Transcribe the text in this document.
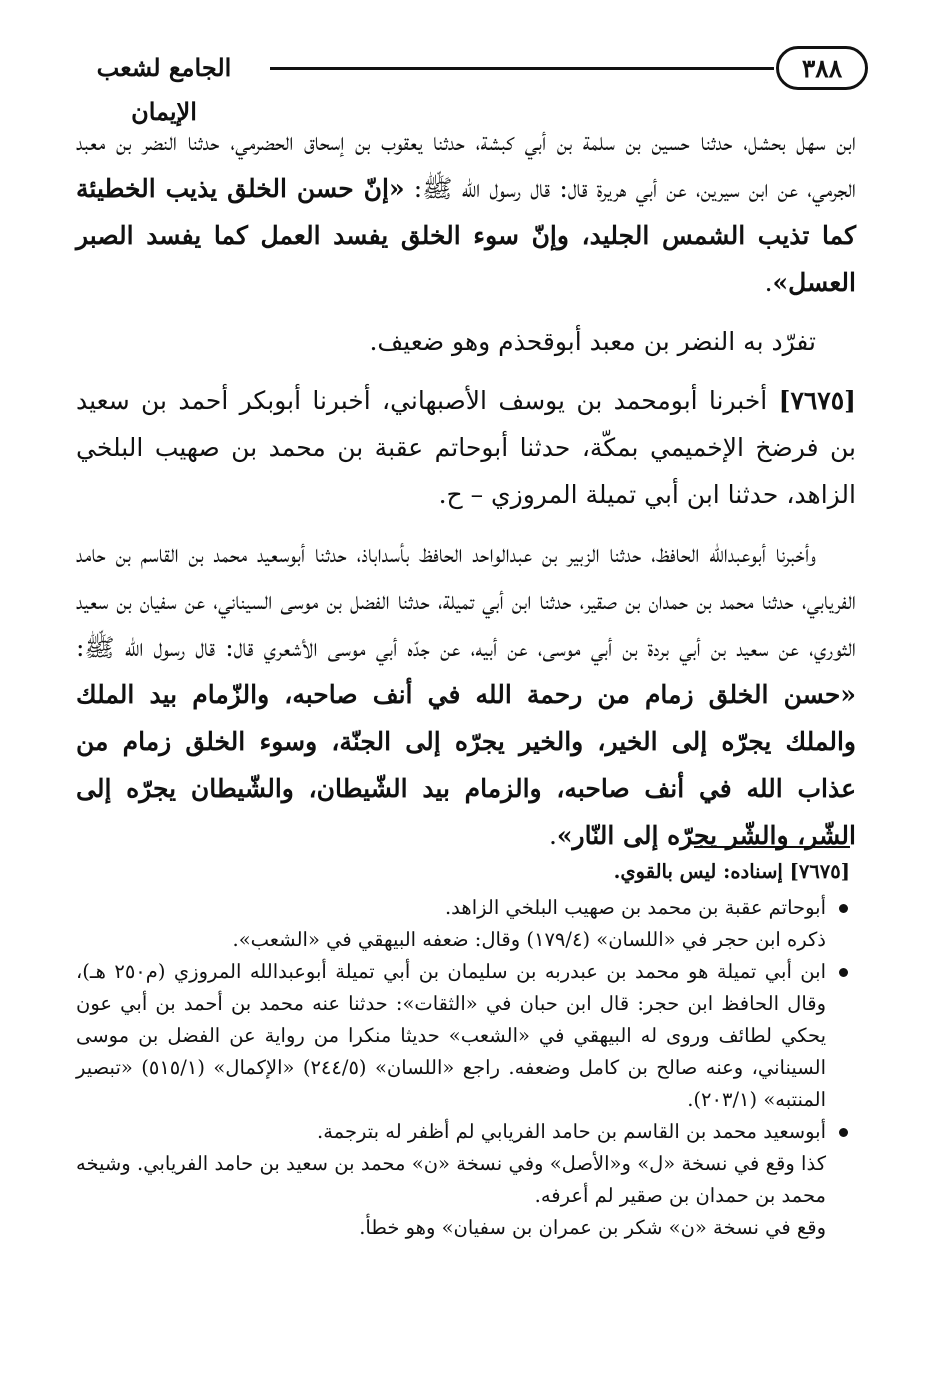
٣٨٨
الجامع لشعب الإيمان

ابن سهل بحشل، حدثنا حسين بن سلمة بن أبي كبشة، حدثنا يعقوب بن إسحاق الحضرمي، حدثنا النضر بن معبد الجرمي، عن ابن سيرين، عن أبي هريرة قال: قال رسول الله ﷺ: «إنّ حسن الخلق يذيب الخطيئة كما تذيب الشمس الجليد، وإنّ سوء الخلق يفسد العمل كما يفسد الصبر العسل».

تفرّد به النضر بن معبد أبوقحذم وهو ضعيف.

[٧٦٧٥] أخبرنا أبومحمد بن يوسف الأصبهاني، أخبرنا أبوبكر أحمد بن سعيد بن فرضخ الإخميمي بمكّة، حدثنا أبوحاتم عقبة بن محمد بن صهيب البلخي الزاهد، حدثنا ابن أبي تميلة المروزي – ح.

وأخبرنا أبوعبدالله الحافظ، حدثنا الزبير بن عبدالواحد الحافظ بأسداباذ، حدثنا أبوسعيد محمد بن القاسم بن حامد الفريابي، حدثنا محمد بن حمدان بن صقير، حدثنا ابن أبي تميلة، حدثنا الفضل بن موسى السيناني، عن سفيان بن سعيد الثوري، عن سعيد بن أبي بردة بن أبي موسى، عن أبيه، عن جدّه أبي موسى الأشعري قال: قال رسول الله ﷺ: «حسن الخلق زمام من رحمة الله في أنف صاحبه، والزّمام بيد الملك والملك يجرّه إلى الخير، والخير يجرّه إلى الجنّة، وسوء الخلق زمام من عذاب الله في أنف صاحبه، والزمام بيد الشّيطان، والشّيطان يجرّه إلى الشّر، والشّر يجرّه إلى النّار».

[٧٦٧٥] إسناده: ليس بالقوي.

أبوحاتم عقبة بن محمد بن صهيب البلخي الزاهد.

ذكره ابن حجر في «اللسان» (١٧٩/٤) وقال: ضعفه البيهقي في «الشعب».

ابن أبي تميلة هو محمد بن عبدربه بن سليمان بن أبي تميلة أبوعبدالله المروزي (م٢٥٠ هـ)، وقال الحافظ ابن حجر: قال ابن حبان في «الثقات»: حدثنا عنه محمد بن أحمد بن أبي عون يحكي لطائف وروى له البيهقي في «الشعب» حديثا منكرا من رواية عن الفضل بن موسى السيناني، وعنه صالح بن كامل وضعفه. راجع «اللسان» (٢٤٤/٥) «الإكمال» (٥١٥/١) «تبصير المنتبه» (٢٠٣/١).

أبوسعيد محمد بن القاسم بن حامد الفريابي لم أظفر له بترجمة.

كذا وقع في نسخة «ل» و«الأصل» وفي نسخة «ن» محمد بن سعيد بن حامد الفريابي. وشيخه محمد بن حمدان بن صقير لم أعرفه.

وقع في نسخة «ن» شكر بن عمران بن سفيان» وهو خطأ.
